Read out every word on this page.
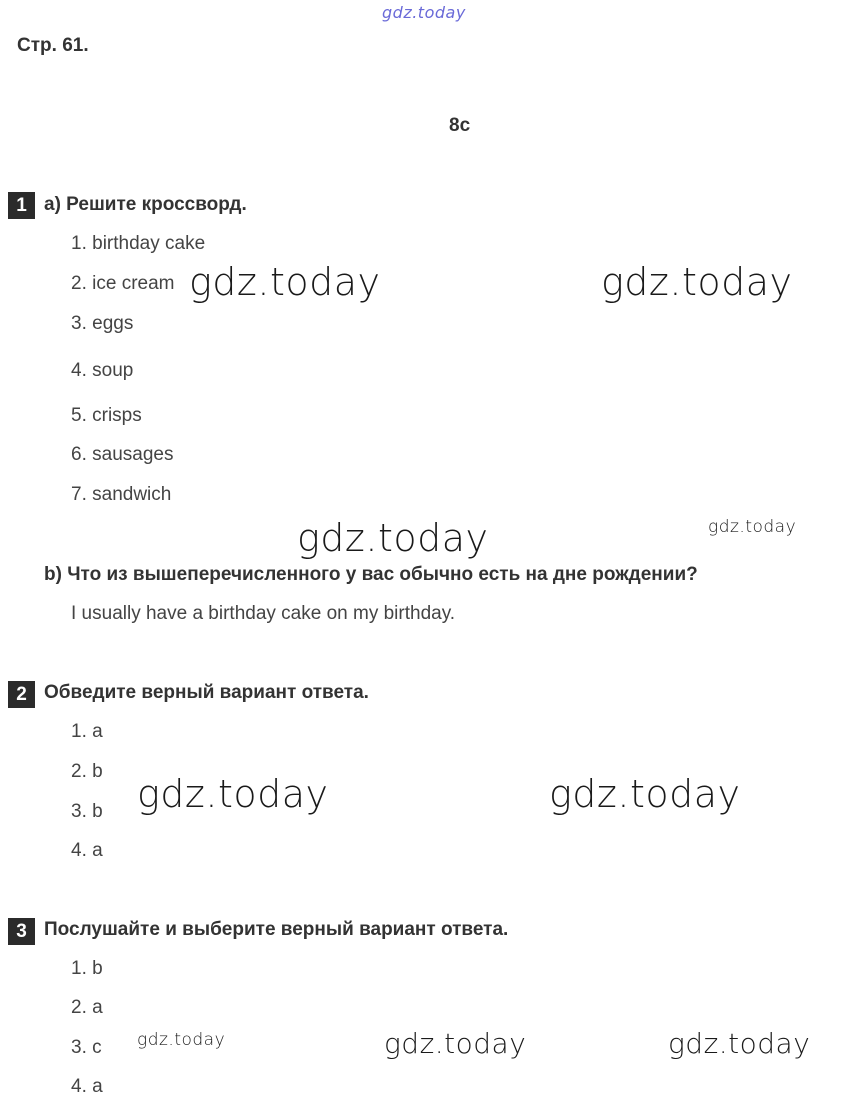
gdz.today
gdz.today	gdz.today
gdz.today	gdz.today
gdz.today	gdz.today
gdz.today	gdz.today	gdz.today
Стр. 61.
8c
1 a) Решите кроссворд.
1. birthday cake
2. ice cream
3. eggs
4. soup
5. crisps
6. sausages
7. sandwich
b) Что из вышеперечисленного у вас обычно есть на дне рождении?
I usually have a birthday cake on my birthday.
2 Обведите верный вариант ответа.
1. a
2. b
3. b
4. a
3 Послушайте и выберите верный вариант ответа.
1. b
2. a
3. c
4. a
